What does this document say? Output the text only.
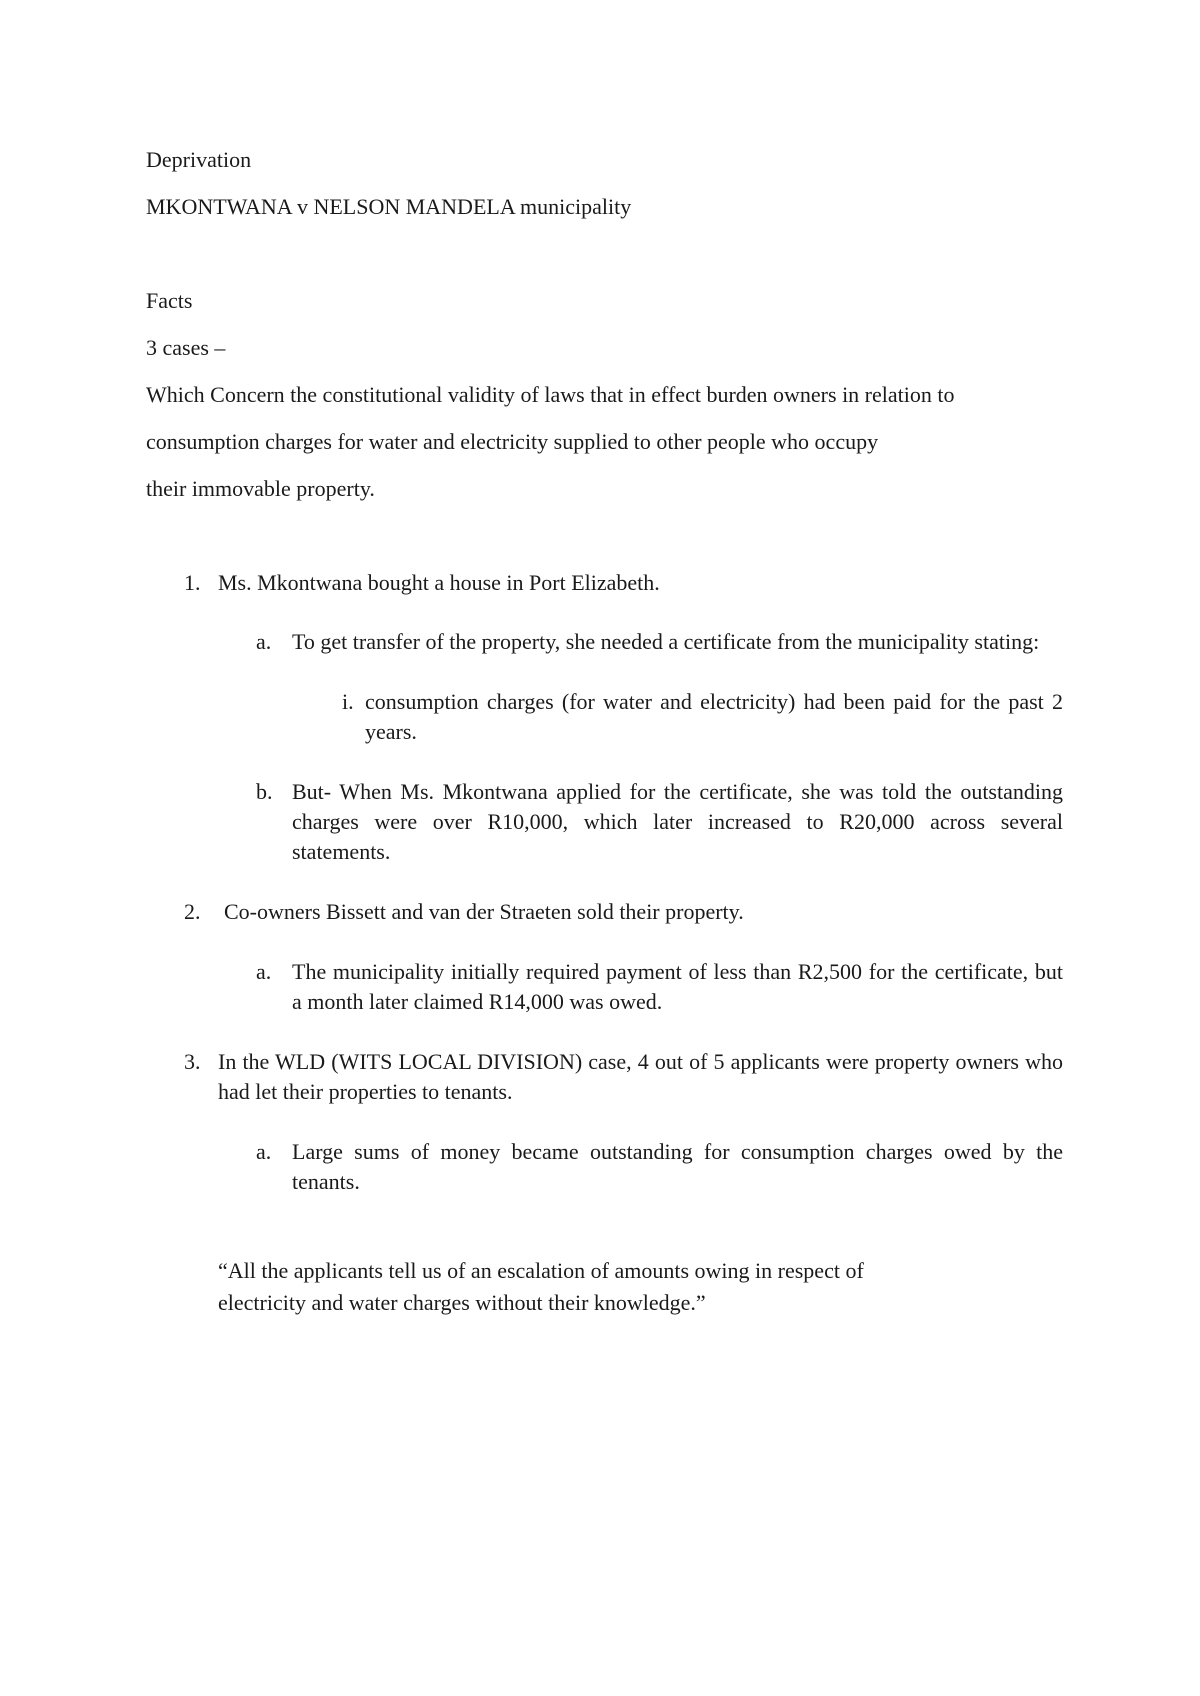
Deprivation
MKONTWANA v NELSON MANDELA municipality
Facts
3 cases –
Which Concern the constitutional validity of laws that in effect burden owners in relation to
consumption charges for water and electricity supplied to other people who occupy
their immovable property.
1. Ms. Mkontwana bought a house in Port Elizabeth.
a. To get transfer of the property, she needed a certificate from the municipality stating:
i. consumption charges (for water and electricity) had been paid for the past 2 years.
b. But- When Ms. Mkontwana applied for the certificate, she was told the outstanding charges were over R10,000, which later increased to R20,000 across several statements.
2. Co-owners Bissett and van der Straeten sold their property.
a. The municipality initially required payment of less than R2,500 for the certificate, but a month later claimed R14,000 was owed.
3. In the WLD (WITS LOCAL DIVISION) case, 4 out of 5 applicants were property owners who had let their properties to tenants.
a. Large sums of money became outstanding for consumption charges owed by the tenants.
“All the applicants tell us of an escalation of amounts owing in respect of
electricity and water charges without their knowledge.”
